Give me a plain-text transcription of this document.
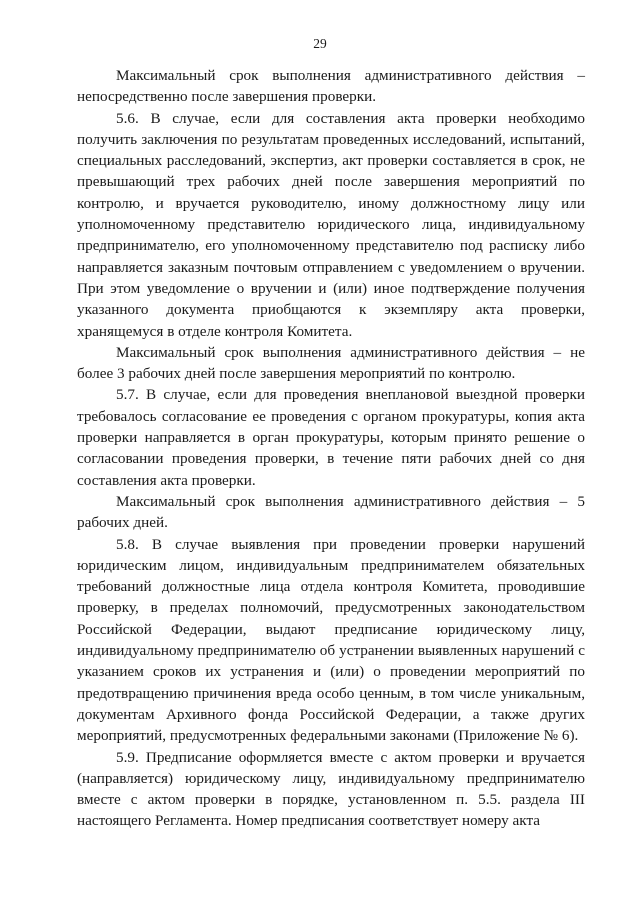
29

Максимальный срок выполнения административного действия – непосредственно после завершения проверки.

5.6. В случае, если для составления акта проверки необходимо получить заключения по результатам проведенных исследований, испытаний, специальных расследований, экспертиз, акт проверки составляется в срок, не превышающий трех рабочих дней после завершения мероприятий по контролю, и вручается руководителю, иному должностному лицу или уполномоченному представителю юридического лица, индивидуальному предпринимателю, его уполномоченному представителю под расписку либо направляется заказным почтовым отправлением с уведомлением о вручении. При этом уведомление о вручении и (или) иное подтверждение получения указанного документа приобщаются к экземпляру акта проверки, хранящемуся в отделе контроля Комитета.

Максимальный срок выполнения административного действия – не более 3 рабочих дней после завершения мероприятий по контролю.

5.7. В случае, если для проведения внеплановой выездной проверки требовалось согласование ее проведения с органом прокуратуры, копия акта проверки направляется в орган прокуратуры, которым принято решение о согласовании проведения проверки, в течение пяти рабочих дней со дня составления акта проверки.

Максимальный срок выполнения административного действия – 5 рабочих дней.

5.8. В случае выявления при проведении проверки нарушений юридическим лицом, индивидуальным предпринимателем обязательных требований должностные лица отдела контроля Комитета, проводившие проверку, в пределах полномочий, предусмотренных законодательством Российской Федерации, выдают предписание юридическому лицу, индивидуальному предпринимателю об устранении выявленных нарушений с указанием сроков их устранения и (или) о проведении мероприятий по предотвращению причинения вреда особо ценным, в том числе уникальным, документам Архивного фонда Российской Федерации, а также других мероприятий, предусмотренных федеральными законами (Приложение № 6).

5.9. Предписание оформляется вместе с актом проверки и вручается (направляется) юридическому лицу, индивидуальному предпринимателю вместе с актом проверки в порядке, установленном п. 5.5. раздела III настоящего Регламента. Номер предписания соответствует номеру акта
